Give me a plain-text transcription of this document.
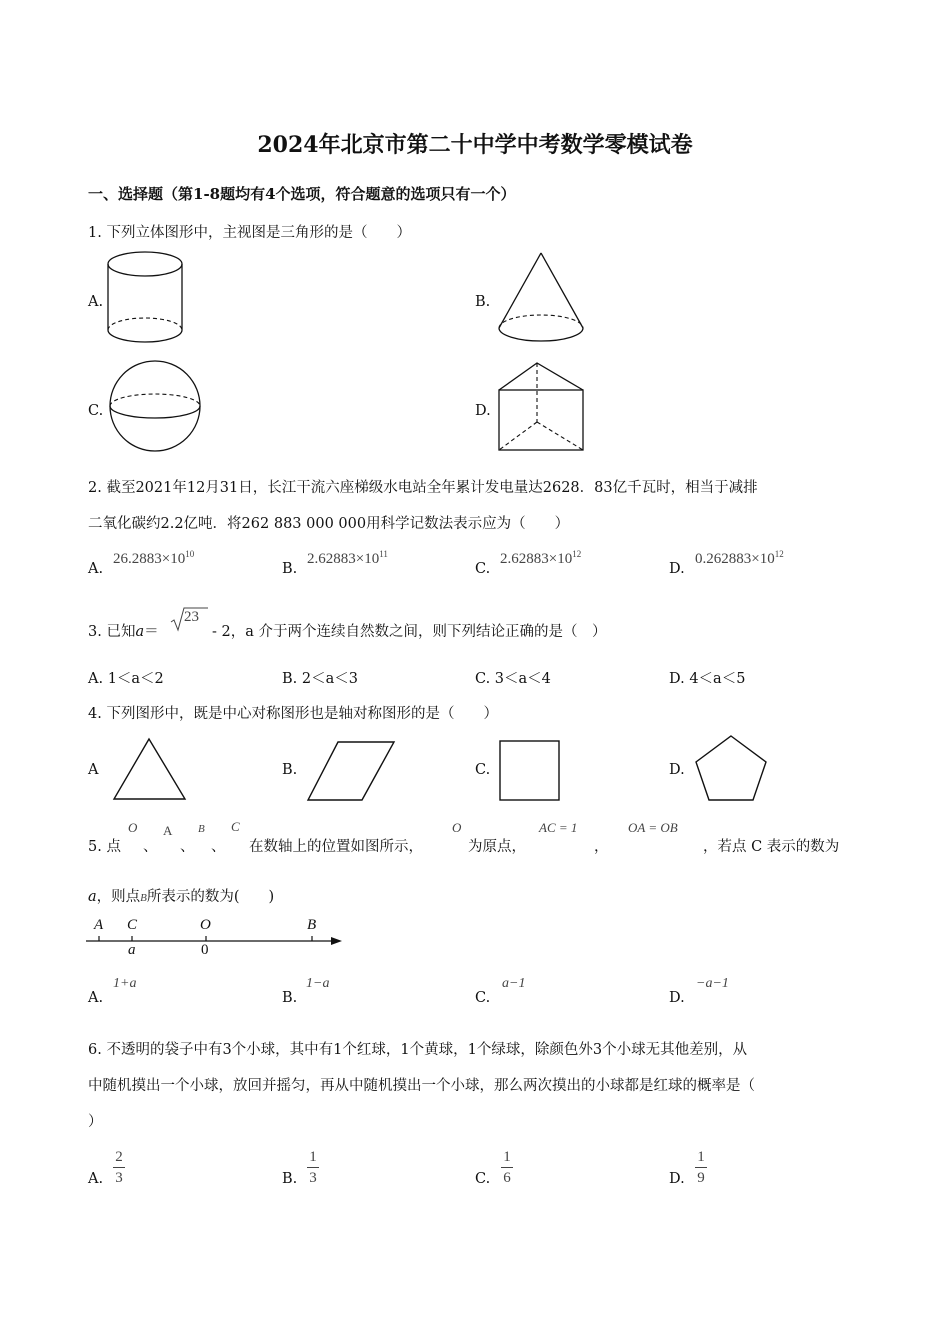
2024年北京市第二十中学中考数学零模试卷
一、选择题（第1-8题均有4个选项，符合题意的选项只有一个）
1. 下列立体图形中，主视图是三角形的是（　　）
A.	B.
C.	D.
2. 截至2021年12月31日，长江干流六座梯级水电站全年累计发电量达2628．83亿千瓦时，相当于减排
二氧化碳约2.2亿吨．将262 883 000 000用科学记数法表示应为（　　）
A.
$26.2883\times 10^{10}$
B.
$2.62883\times 10^{11}$
C.
$2.62883\times 10^{12}$
D.
$0.262883\times 10^{12}$
3. 已知a＝
23
- 2，a 介于两个连续自然数之间，则下列结论正确的是（　）
A. 1＜a＜2	B. 2＜a＜3	C. 3＜a＜4	D. 4＜a＜5
4. 下列图形中，既是中心对称图形也是轴对称图形的是（　　）
A	B.	C.	D.
5. 点
O
、
A
、
B
、
C
在数轴上的位置如图所示，
O
为原点，
AC = 1
，
OA = OB
，若点 C 表示的数为
a，则点B所表示的数为(　　)
A C	O	B
a	0
A.
1+a
B.
1−a
C.
a−1
D.
−a−1
6. 不透明的袋子中有3个小球，其中有1个红球，1个黄球，1个绿球，除颜色外3个小球无其他差别，从
中随机摸出一个小球，放回并摇匀，再从中随机摸出一个小球，那么两次摸出的小球都是红球的概率是（
）
A.
2
3	B.
1
3	C.
1
6	D.
1
9
